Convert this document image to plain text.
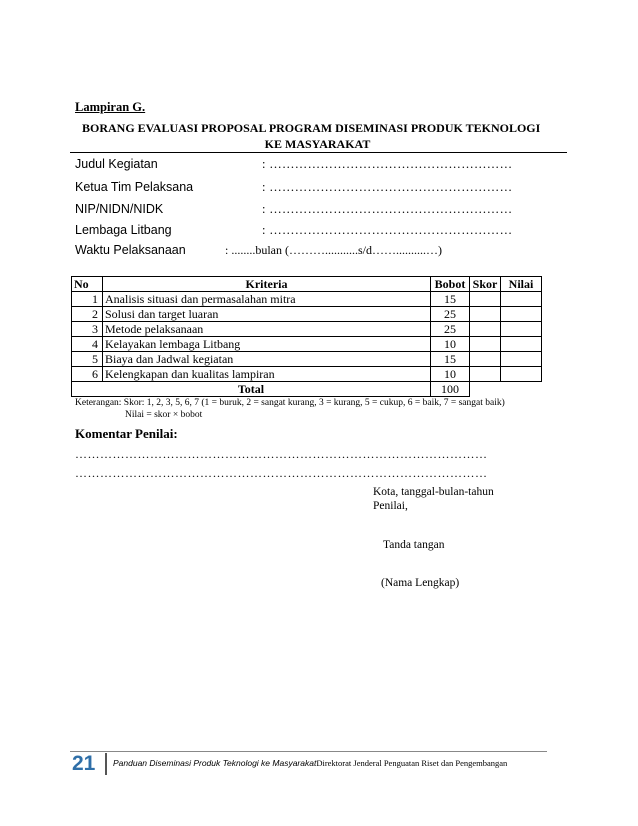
Lampiran G.
BORANG EVALUASI PROPOSAL PROGRAM DISEMINASI PRODUK TEKNOLOGI
KE MASYARAKAT
Judul Kegiatan	: …………………………………………………
Ketua Tim Pelaksana	: …………………………………………………
NIP/NIDN/NIDK	: …………………………………………………
Lembaga Litbang	: …………………………………………………
Waktu Pelaksanaan	: ........bulan (………...........s/d……..........…)
No	Kriteria	Bobot	Skor	Nilai
1	Analisis situasi dan permasalahan mitra	15		
2	Solusi dan target luaran	25		
3	Metode pelaksanaan	25		
4	Kelayakan lembaga Litbang	10		
5	Biaya dan Jadwal kegiatan	15		
6	Kelengkapan dan kualitas lampiran	10		
Total		100		
Keterangan: Skor: 1, 2, 3, 5, 6, 7 (1 = buruk, 2 = sangat kurang, 3 = kurang, 5 = cukup, 6 = baik, 7 = sangat baik)
Nilai = skor × bobot
Komentar Penilai:
………………………………………………………………………………………
………………………………………………………………………………………
Kota, tanggal-bulan-tahun
Penilai,
Tanda tangan
(Nama Lengkap)
21 Panduan Diseminasi Produk Teknologi ke MasyarakatDirektorat Jenderal Penguatan Riset dan Pengembangan
